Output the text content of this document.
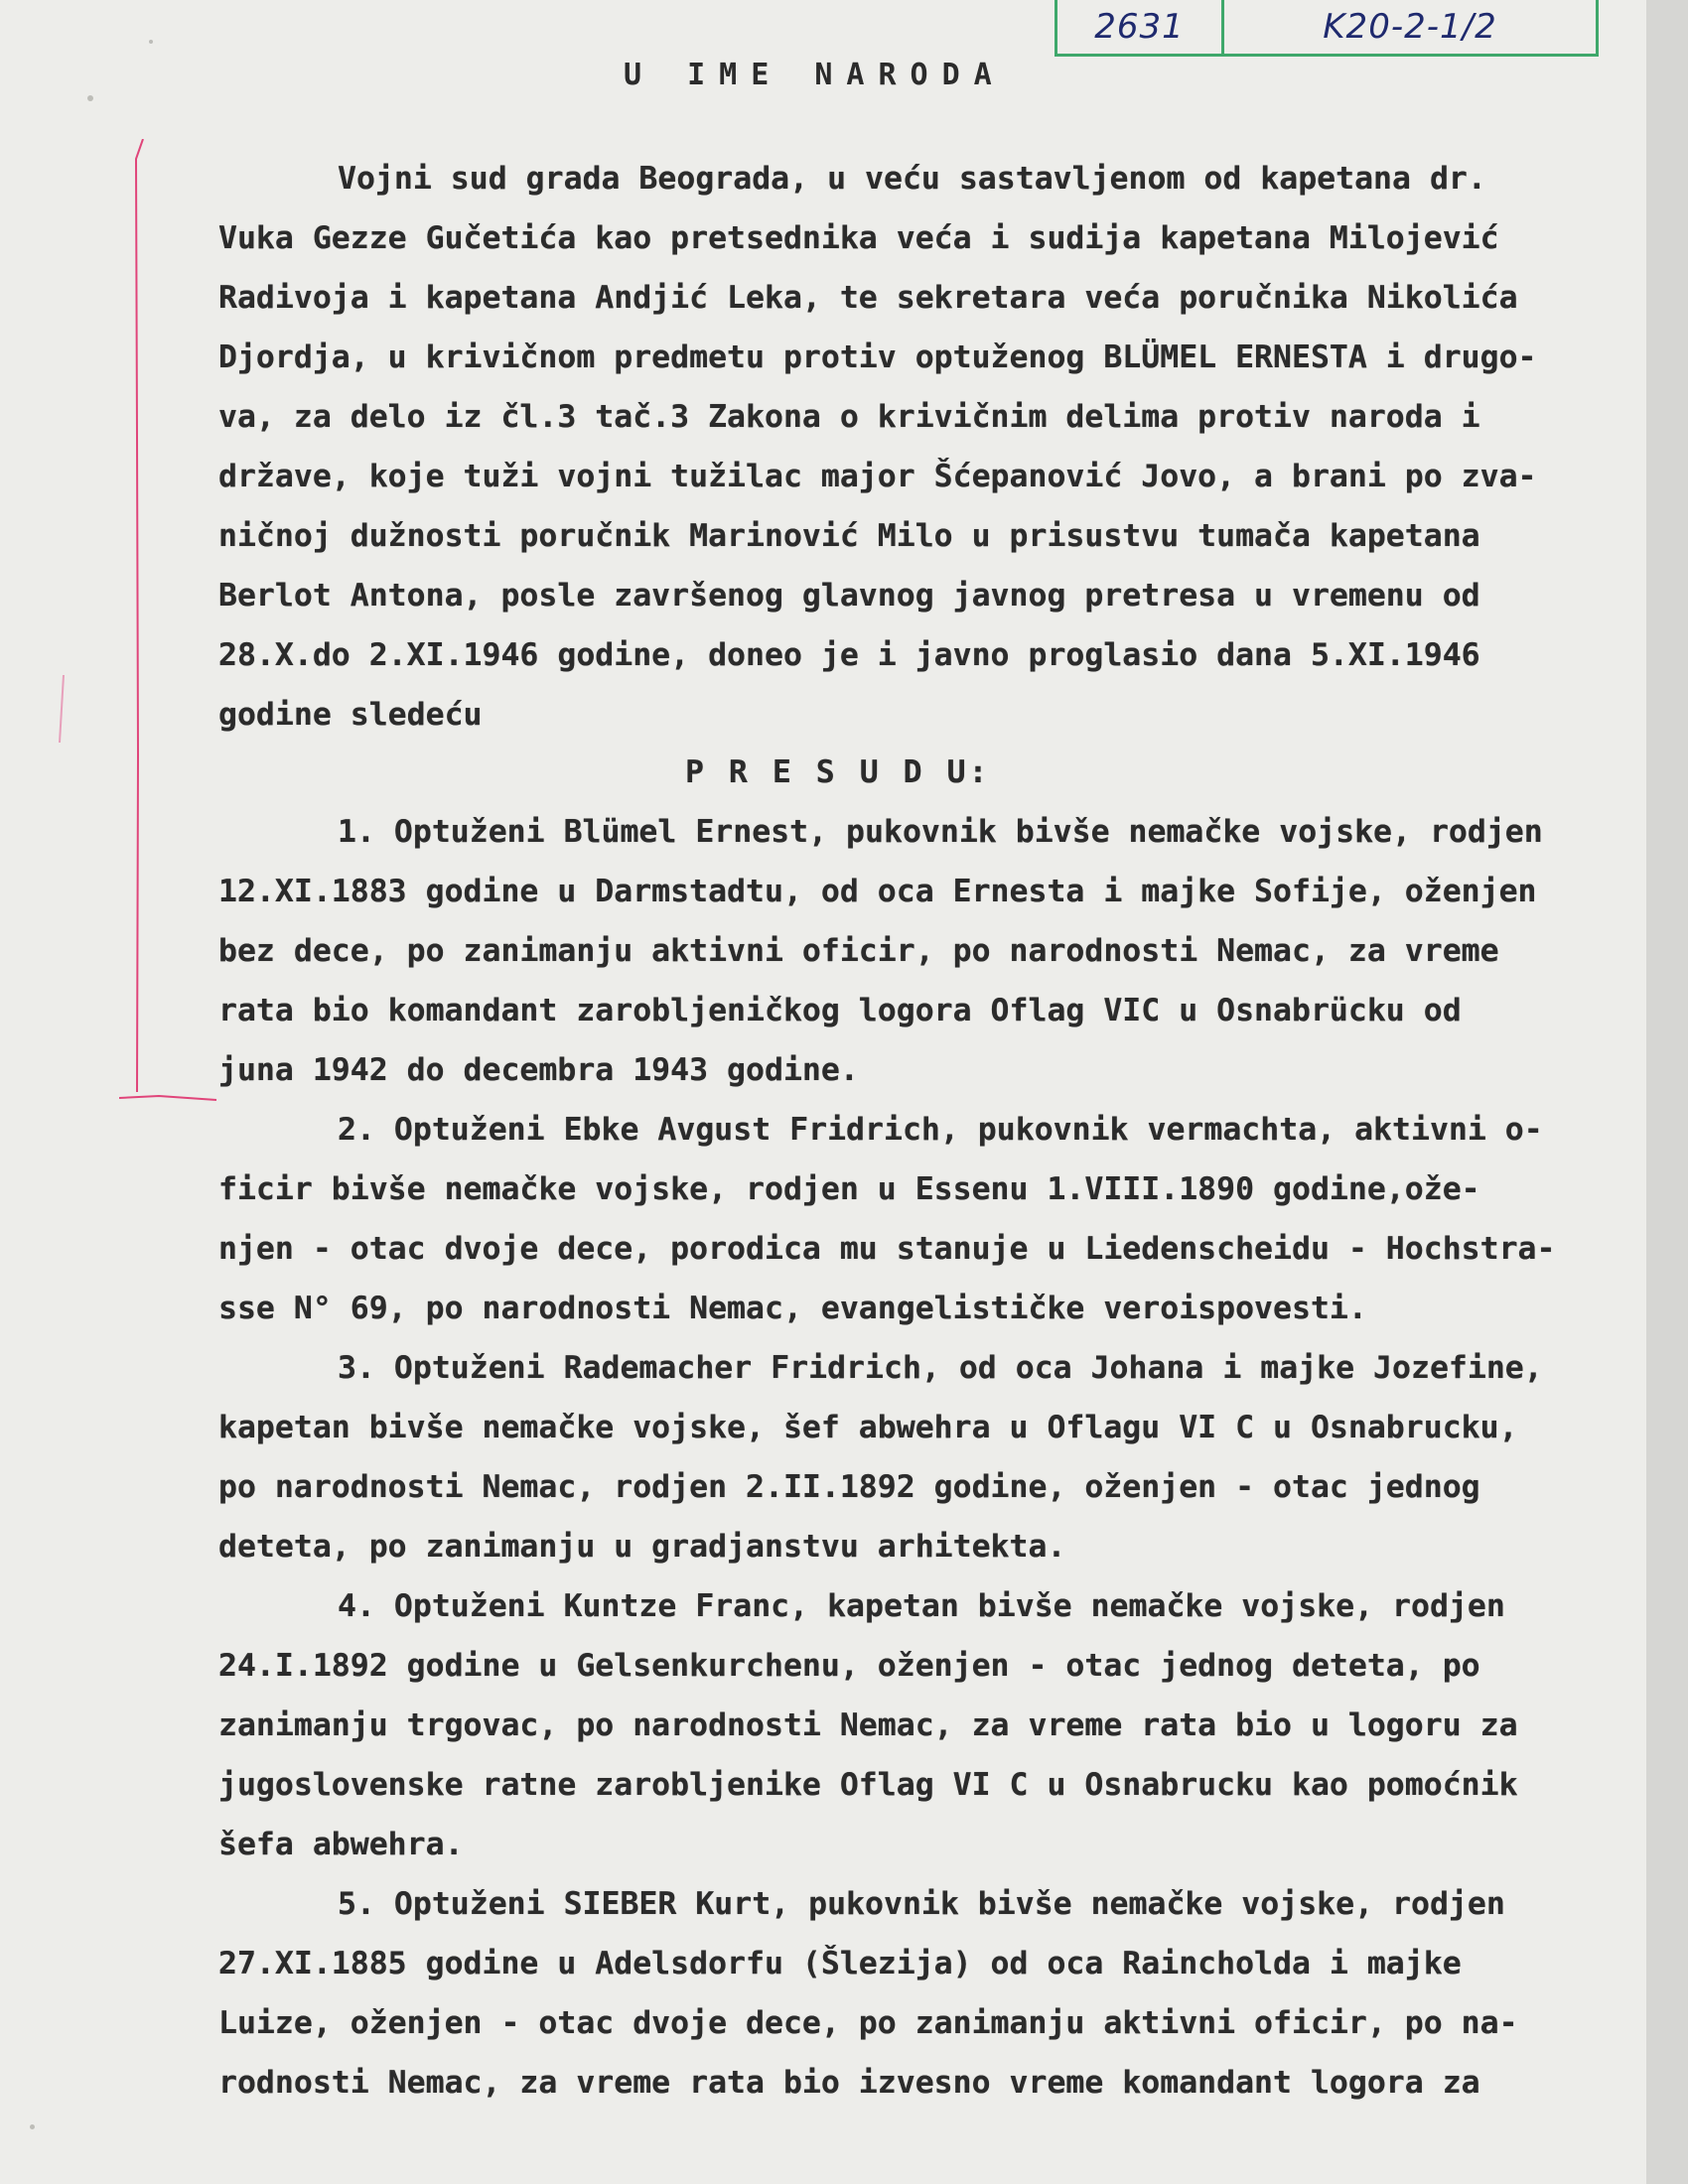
2631	K20-2-1/2
U IME NARODA
Vojni sud grada Beograda, u veću sastavljenom od kapetana dr.
Vuka Gezze Gučetića kao pretsednika veća i sudija kapetana Milojević
Radivoja i kapetana Andjić Leka, te sekretara veća poručnika Nikolića
Djordja, u krivičnom predmetu protiv optuženog BLÜMEL ERNESTA i drugo-
va, za delo iz čl.3 tač.3 Zakona o krivičnim delima protiv naroda i
države, koje tuži vojni tužilac major Šćepanović Jovo, a brani po zva-
ničnoj dužnosti poručnik Marinović Milo u prisustvu tumača kapetana
Berlot Antona, posle završenog glavnog javnog pretresa u vremenu od
28.X.do 2.XI.1946 godine, doneo je i javno proglasio dana 5.XI.1946
godine sledeću
P R E S U D U:
1. Optuženi Blümel Ernest, pukovnik bivše nemačke vojske, rodjen
12.XI.1883 godine u Darmstadtu, od oca Ernesta i majke Sofije, oženjen
bez dece, po zanimanju aktivni oficir, po narodnosti Nemac, za vreme
rata bio komandant zarobljeničkog logora Oflag VIC u Osnabrücku od
juna 1942 do decembra 1943 godine.
2. Optuženi Ebke Avgust Fridrich, pukovnik vermachta, aktivni o-
ficir bivše nemačke vojske, rodjen u Essenu 1.VIII.1890 godine,ože-
njen - otac dvoje dece, porodica mu stanuje u Liedenscheidu - Hochstra-
sse N° 69, po narodnosti Nemac, evangelističke veroispovesti.
3. Optuženi Rademacher Fridrich, od oca Johana i majke Jozefine,
kapetan bivše nemačke vojske, šef abwehra u Oflagu VI C u Osnabrucku,
po narodnosti Nemac, rodjen 2.II.1892 godine, oženjen - otac jednog
deteta, po zanimanju u gradjanstvu arhitekta.
4. Optuženi Kuntze Franc, kapetan bivše nemačke vojske, rodjen
24.I.1892 godine u Gelsenkurchenu, oženjen - otac jednog deteta, po
zanimanju trgovac, po narodnosti Nemac, za vreme rata bio u logoru za
jugoslovenske ratne zarobljenike Oflag VI C u Osnabrucku kao pomoćnik
šefa abwehra.
5. Optuženi SIEBER Kurt, pukovnik bivše nemačke vojske, rodjen
27.XI.1885 godine u Adelsdorfu (Šlezija) od oca Raincholda i majke
Luize, oženjen - otac dvoje dece, po zanimanju aktivni oficir, po na-
rodnosti Nemac, za vreme rata bio izvesno vreme komandant logora za
